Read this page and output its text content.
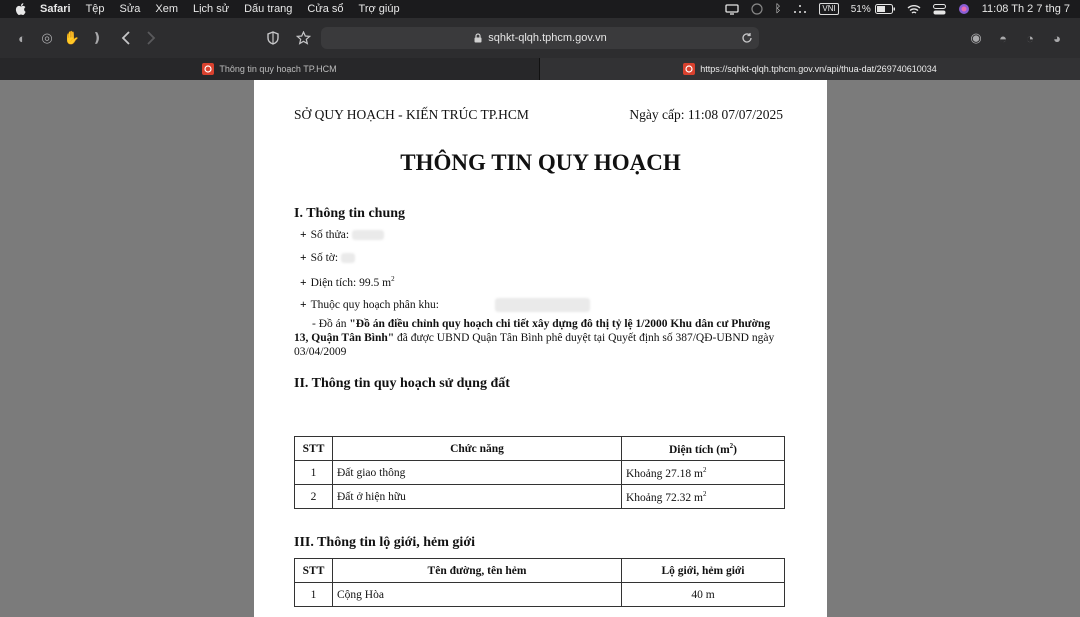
Safari Tệp Sửa Xem Lịch sử Dấu trang Cửa sổ Trợ giúp	ᛒ	VNI	51%	11:08 Th 2 7 thg 7
◐	◎ ✋ ❫	sqhkt-qlqh.tphcm.gov.vn	◉	◓	◔	◕
Thông tin quy hoạch TP.HCM	https://sqhkt-qlqh.tphcm.gov.vn/api/thua-dat/269740610034
SỞ QUY HOẠCH - KIẾN TRÚC TP.HCM	Ngày cấp: 11:08 07/07/2025
THÔNG TIN QUY HOẠCH
I. Thông tin chung
+ Số thửa:
+ Số tờ:
+ Diện tích: 99.5 $m^2$
+ Thuộc quy hoạch phân khu:
- Đồ án "Đồ án điều chỉnh quy hoạch chi tiết xây dựng đô thị tỷ lệ 1/2000 Khu dân cư Phường 13, Quận Tân Bình" đã được UBND Quận Tân Bình phê duyệt tại Quyết định số 387/QĐ-UBND ngày 03/04/2009
II. Thông tin quy hoạch sử dụng đất
STT	Chức năng	Diện tích $(m^2)$
1	Đất giao thông	Khoảng 27.18 $m^2$
2	Đất ở hiện hữu	Khoảng 72.32 $m^2$
III. Thông tin lộ giới, hẻm giới
STT	Tên đường, tên hẻm	Lộ giới, hẻm giới
1	Cộng Hòa	40 m
